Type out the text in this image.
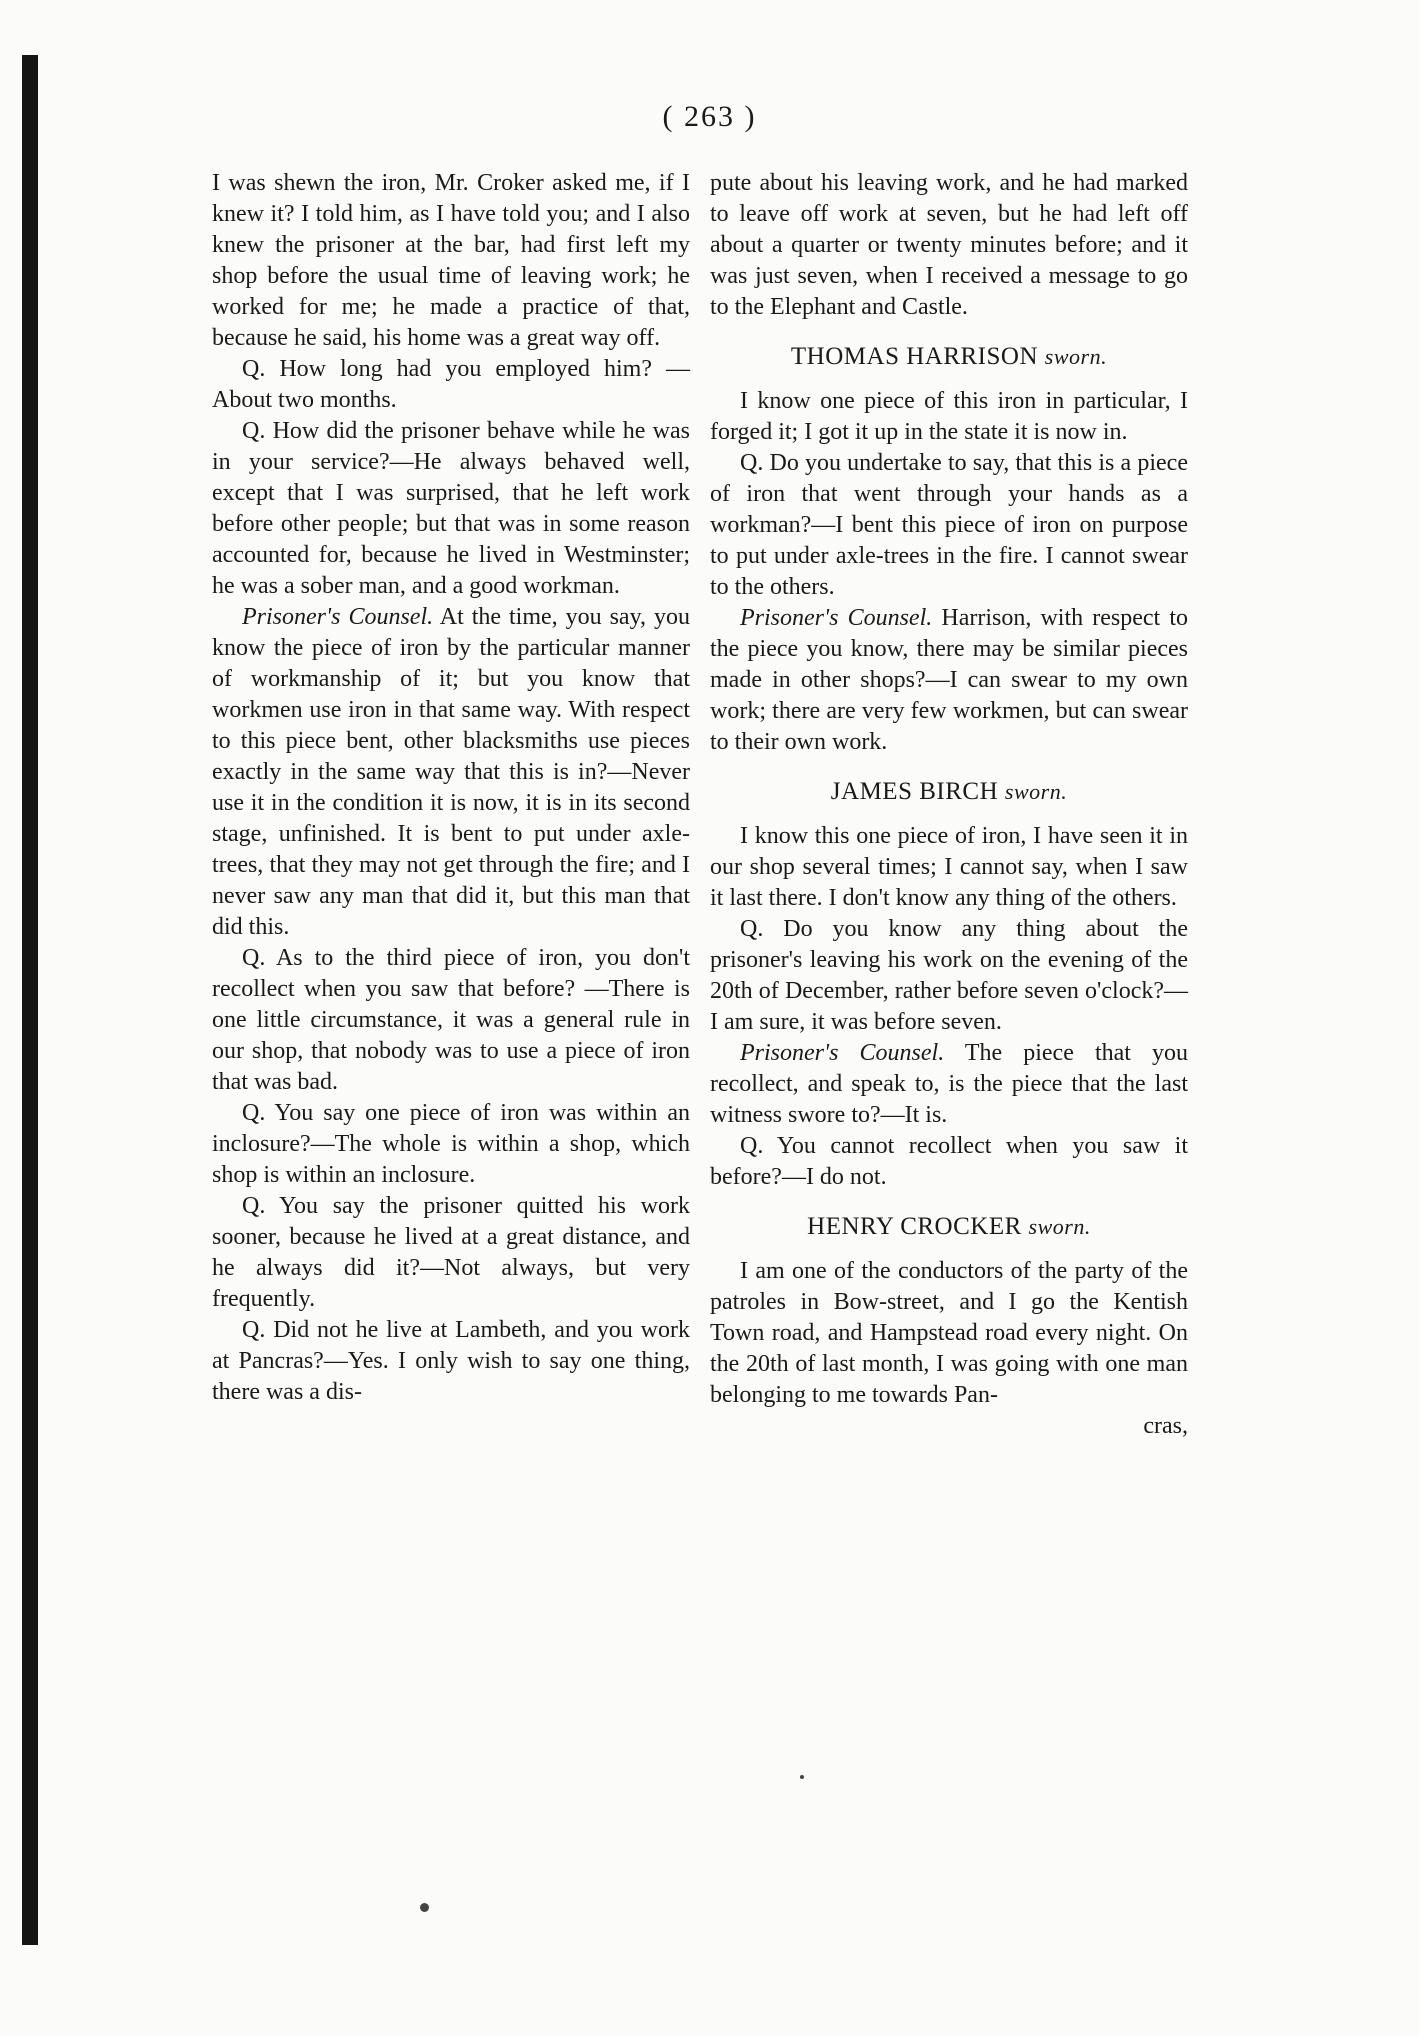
( 263 )

I was shewn the iron, Mr. Croker asked me, if I knew it? I told him, as I have told you; and I also knew the prisoner at the bar, had first left my shop before the usual time of leaving work; he worked for me; he made a practice of that, because he said, his home was a great way off.

Q. How long had you employed him? —About two months.

Q. How did the prisoner behave while he was in your service?—He always behaved well, except that I was surprised, that he left work before other people; but that was in some reason accounted for, because he lived in Westminster; he was a sober man, and a good workman.

Prisoner's Counsel. At the time, you say, you know the piece of iron by the particular manner of workmanship of it; but you know that workmen use iron in that same way. With respect to this piece bent, other blacksmiths use pieces exactly in the same way that this is in?—Never use it in the condition it is now, it is in its second stage, unfinished. It is bent to put under axle-trees, that they may not get through the fire; and I never saw any man that did it, but this man that did this.

Q. As to the third piece of iron, you don't recollect when you saw that before? —There is one little circumstance, it was a general rule in our shop, that nobody was to use a piece of iron that was bad.

Q. You say one piece of iron was within an inclosure?—The whole is within a shop, which shop is within an inclosure.

Q. You say the prisoner quitted his work sooner, because he lived at a great distance, and he always did it?—Not always, but very frequently.

Q. Did not he live at Lambeth, and you work at Pancras?—Yes. I only wish to say one thing, there was a dis-

pute about his leaving work, and he had marked to leave off work at seven, but he had left off about a quarter or twenty minutes before; and it was just seven, when I received a message to go to the Elephant and Castle.

THOMAS HARRISON sworn.

I know one piece of this iron in particular, I forged it; I got it up in the state it is now in.

Q. Do you undertake to say, that this is a piece of iron that went through your hands as a workman?—I bent this piece of iron on purpose to put under axle-trees in the fire. I cannot swear to the others.

Prisoner's Counsel. Harrison, with respect to the piece you know, there may be similar pieces made in other shops?—I can swear to my own work; there are very few workmen, but can swear to their own work.

JAMES BIRCH sworn.

I know this one piece of iron, I have seen it in our shop several times; I cannot say, when I saw it last there. I don't know any thing of the others.

Q. Do you know any thing about the prisoner's leaving his work on the evening of the 20th of December, rather before seven o'clock?—I am sure, it was before seven.

Prisoner's Counsel. The piece that you recollect, and speak to, is the piece that the last witness swore to?—It is.

Q. You cannot recollect when you saw it before?—I do not.

HENRY CROCKER sworn.

I am one of the conductors of the party of the patroles in Bow-street, and I go the Kentish Town road, and Hampstead road every night. On the 20th of last month, I was going with one man belonging to me towards Pan-

cras,
